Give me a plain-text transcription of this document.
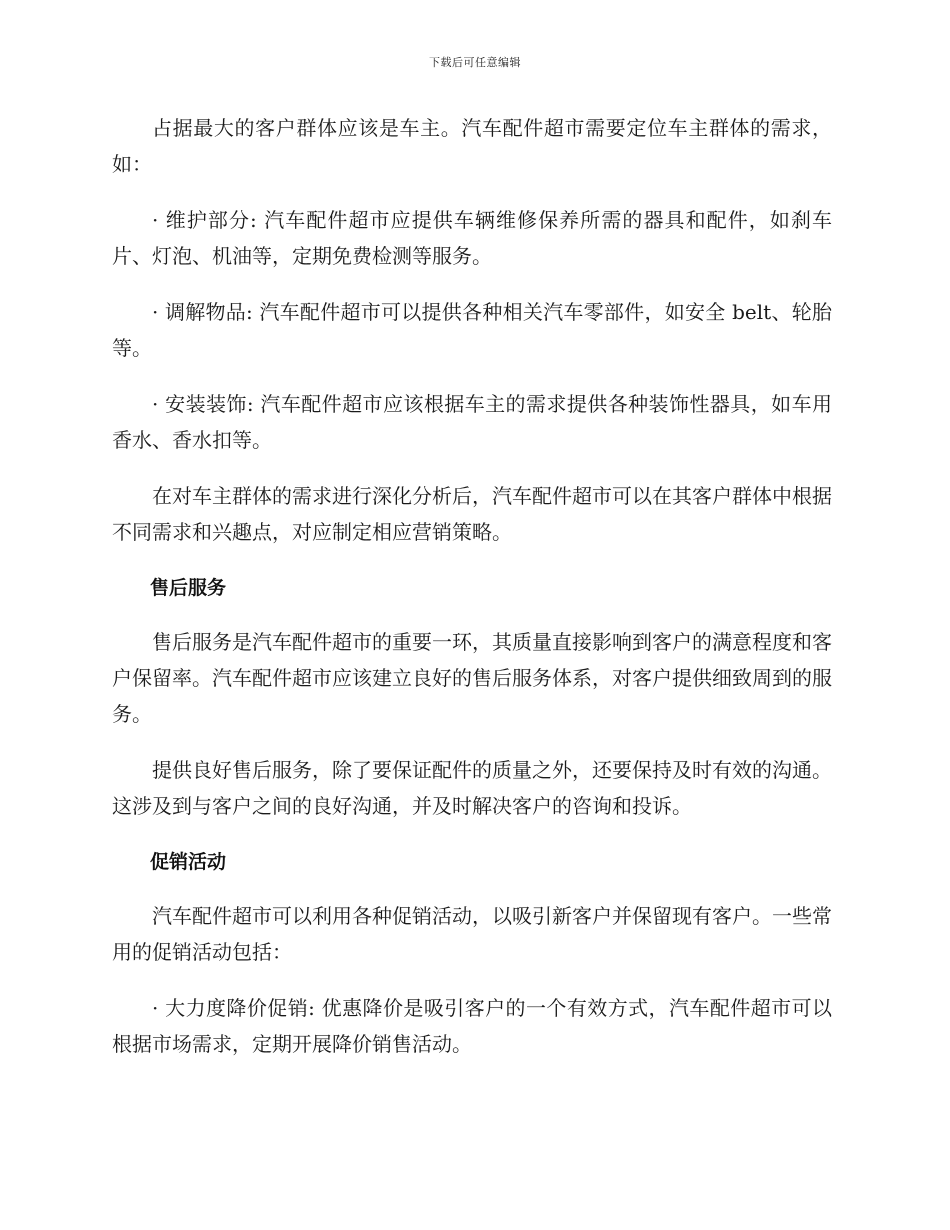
下载后可任意编辑

占据最大的客户群体应该是车主。汽车配件超市需要定位车主群体的需求，如：

· 维护部分: 汽车配件超市应提供车辆维修保养所需的器具和配件，如刹车片、灯泡、机油等，定期免费检测等服务。

· 调解物品: 汽车配件超市可以提供各种相关汽车零部件，如安全 belt、轮胎等。

· 安装装饰: 汽车配件超市应该根据车主的需求提供各种装饰性器具，如车用香水、香水扣等。

在对车主群体的需求进行深化分析后，汽车配件超市可以在其客户群体中根据不同需求和兴趣点，对应制定相应营销策略。

售后服务

售后服务是汽车配件超市的重要一环，其质量直接影响到客户的满意程度和客户保留率。汽车配件超市应该建立良好的售后服务体系，对客户提供细致周到的服务。

提供良好售后服务，除了要保证配件的质量之外，还要保持及时有效的沟通。这涉及到与客户之间的良好沟通，并及时解决客户的咨询和投诉。

促销活动

汽车配件超市可以利用各种促销活动，以吸引新客户并保留现有客户。一些常用的促销活动包括：

· 大力度降价促销: 优惠降价是吸引客户的一个有效方式，汽车配件超市可以根据市场需求，定期开展降价销售活动。
